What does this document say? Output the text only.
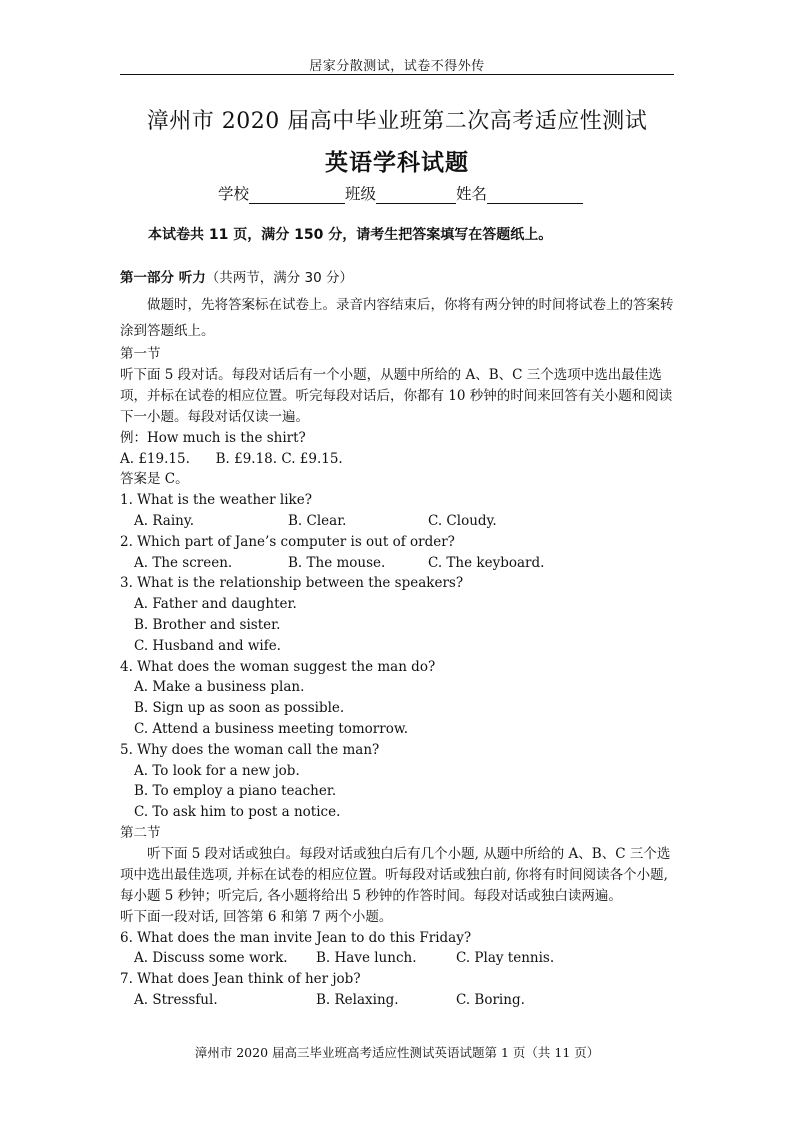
居家分散测试，试卷不得外传
漳州市 2020 届高中毕业班第二次高考适应性测试
英语学科试题
学校	班级	姓名
本试卷共 11 页，满分 150 分，请考生把答案填写在答题纸上。
第一部分 听力（共两节，满分 30 分）

做题时，先将答案标在试卷上。录音内容结束后，你将有两分钟的时间将试卷上的答案转涂到答题纸上。

第一节

听下面 5 段对话。每段对话后有一个小题，从题中所给的 A、B、C 三个选项中选出最佳选项，并标在试卷的相应位置。听完每段对话后，你都有 10 秒钟的时间来回答有关小题和阅读下一小题。每段对话仅读一遍。

例：How much is the shirt?
A. £19.15.      B. £9.18. C. £9.15.
答案是 C。
1. What is the weather like?
A. Rainy.	B. Clear.	C. Cloudy.
2. Which part of Jane’s computer is out of order?
A. The screen.	B. The mouse.	C. The keyboard.
3. What is the relationship between the speakers?
A. Father and daughter.
B. Brother and sister.
C. Husband and wife.
4. What does the woman suggest the man do?
A. Make a business plan.
B. Sign up as soon as possible.
C. Attend a business meeting tomorrow.
5. Why does the woman call the man?
A. To look for a new job.
B. To employ a piano teacher.
C. To ask him to post a notice.
第二节

听下面 5 段对话或独白。每段对话或独白后有几个小题, 从题中所给的 A、B、C 三个选项中选出最佳选项, 并标在试卷的相应位置。听每段对话或独白前, 你将有时间阅读各个小题,每小题 5 秒钟；听完后, 各小题将给出 5 秒钟的作答时间。每段对话或独白读两遍。

听下面一段对话, 回答第 6 和第 7 两个小题。
6. What does the man invite Jean to do this Friday?
A. Discuss some work. B. Have lunch.	C. Play tennis.
7. What does Jean think of her job?
A. Stressful.	B. Relaxing.	C. Boring.
漳州市 2020 届高三毕业班高考适应性测试英语试题第 1 页（共 11 页）
